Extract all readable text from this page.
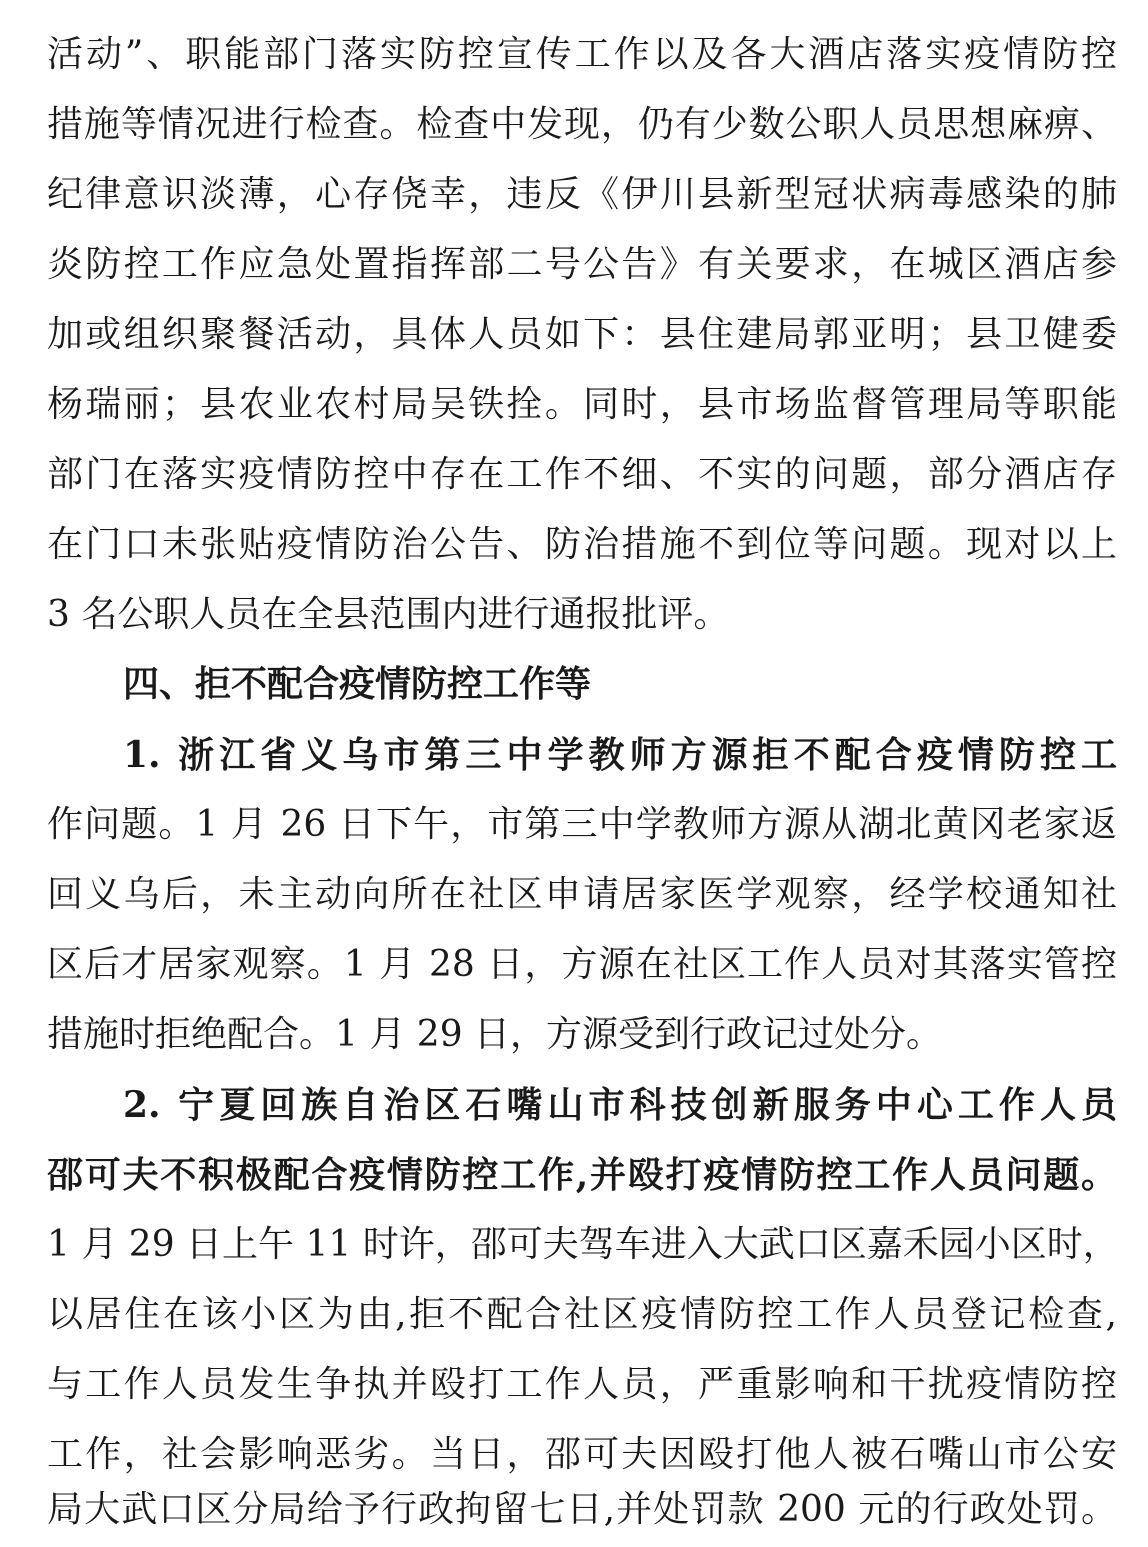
活动”、职能部门落实防控宣传工作以及各大酒店落实疫情防控
措施等情况进行检查。检查中发现，仍有少数公职人员思想麻痹、
纪律意识淡薄，心存侥幸，违反《伊川县新型冠状病毒感染的肺
炎防控工作应急处置指挥部二号公告》有关要求，在城区酒店参
加或组织聚餐活动，具体人员如下：县住建局郭亚明；县卫健委
杨瑞丽；县农业农村局吴铁拴。同时，县市场监督管理局等职能
部门在落实疫情防控中存在工作不细、不实的问题，部分酒店存
在门口未张贴疫情防治公告、防治措施不到位等问题。现对以上
3 名公职人员在全县范围内进行通报批评。
四、拒不配合疫情防控工作等
1. 浙江省义乌市第三中学教师方源拒不配合疫情防控工
作问题。1 月 26 日下午，市第三中学教师方源从湖北黄冈老家返
回义乌后，未主动向所在社区申请居家医学观察，经学校通知社
区后才居家观察。1 月 28 日，方源在社区工作人员对其落实管控
措施时拒绝配合。1 月 29 日，方源受到行政记过处分。
2. 宁夏回族自治区石嘴山市科技创新服务中心工作人员
邵可夫不积极配合疫情防控工作,并殴打疫情防控工作人员问题。
1 月 29 日上午 11 时许，邵可夫驾车进入大武口区嘉禾园小区时，
以居住在该小区为由,拒不配合社区疫情防控工作人员登记检查,
与工作人员发生争执并殴打工作人员，严重影响和干扰疫情防控
工作，社会影响恶劣。当日，邵可夫因殴打他人被石嘴山市公安
局大武口区分局给予行政拘留七日,并处罚款 200 元的行政处罚。
